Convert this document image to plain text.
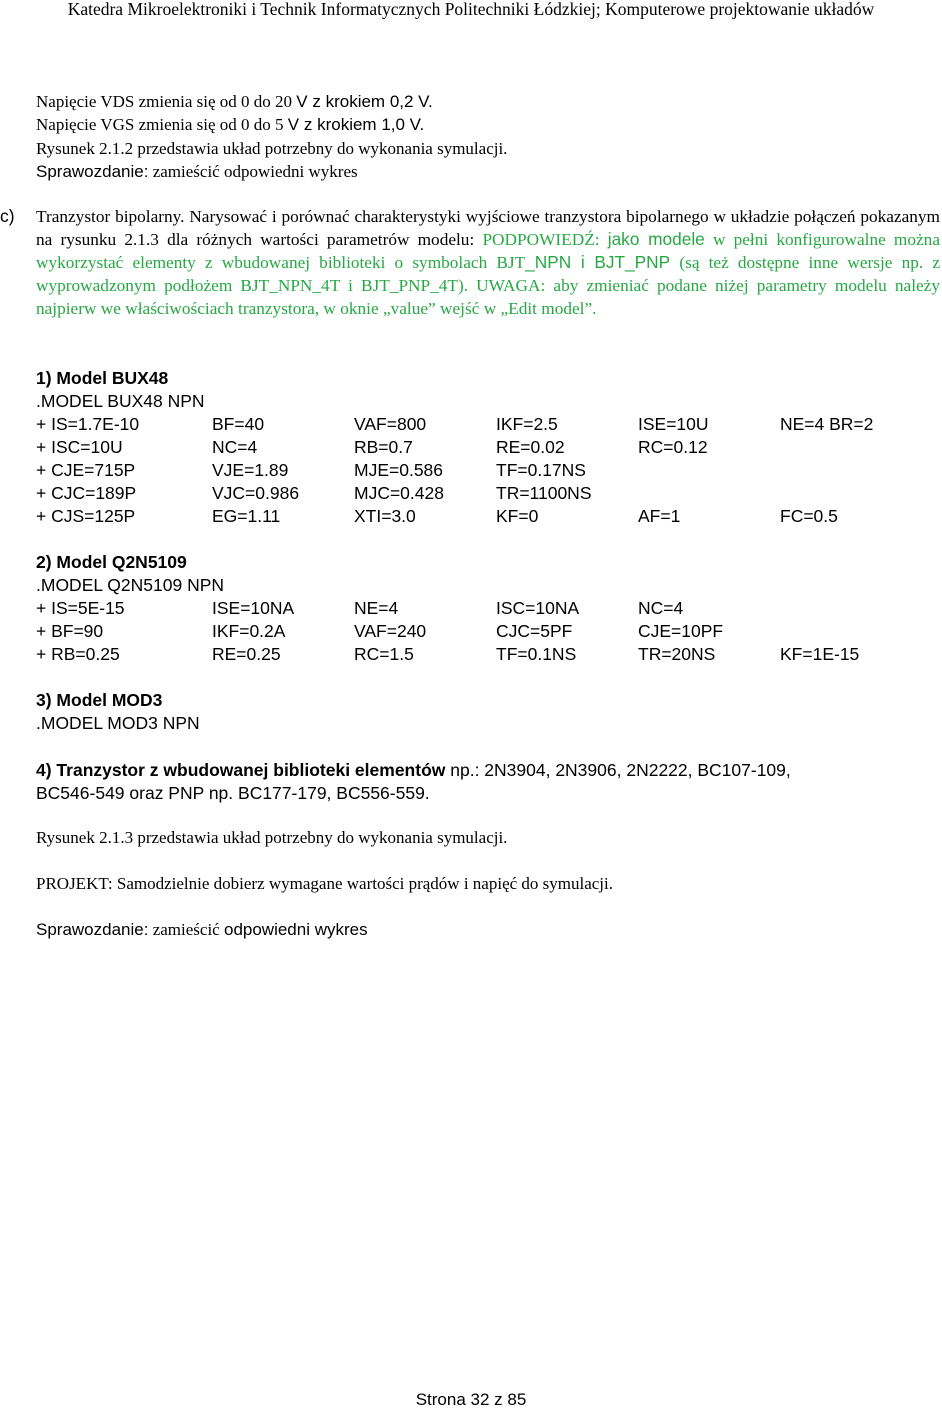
Katedra Mikroelektroniki i Technik Informatycznych Politechniki Łódzkiej; Komputerowe projektowanie układów
Napięcie VDS zmienia się od 0 do 20 V z krokiem 0,2 V.
Napięcie VGS zmienia się od 0 do 5 V z krokiem 1,0 V.
Rysunek 2.1.2 przedstawia układ potrzebny do wykonania symulacji.
Sprawozdanie: zamieścić odpowiedni wykres
c) Tranzystor bipolarny. Narysować i porównać charakterystyki wyjściowe tranzystora bipolarnego w układzie połączeń pokazanym na rysunku 2.1.3 dla różnych wartości parametrów modelu: PODPOWIEDŹ: jako modele w pełni konfigurowalne można wykorzystać elementy z wbudowanej biblioteki o symbolach BJT_NPN i BJT_PNP (są też dostępne inne wersje np. z wyprowadzonym podłożem BJT_NPN_4T i BJT_PNP_4T). UWAGA: aby zmieniać podane niżej parametry modelu należy najpierw we właściwościach tranzystora, w oknie „value” wejść w „Edit model”.
1) Model BUX48
.MODEL BUX48 NPN
+ IS=1.7E-10	BF=40	VAF=800	IKF=2.5	ISE=10U	NE=4 BR=2
+ ISC=10U	NC=4	RB=0.7	RE=0.02	RC=0.12	
+ CJE=715P	VJE=1.89	MJE=0.586	TF=0.17NS		
+ CJC=189P	VJC=0.986	MJC=0.428	TR=1100NS		
+ CJS=125P	EG=1.11	XTI=3.0	KF=0	AF=1	FC=0.5
2) Model Q2N5109
.MODEL Q2N5109 NPN
+ IS=5E-15	ISE=10NA	NE=4	ISC=10NA	NC=4	
+ BF=90	IKF=0.2A	VAF=240	CJC=5PF	CJE=10PF	
+ RB=0.25	RE=0.25	RC=1.5	TF=0.1NS	TR=20NS	KF=1E-15
3) Model MOD3
.MODEL MOD3 NPN
4) Tranzystor z wbudowanej biblioteki elementów np.: 2N3904, 2N3906, 2N2222, BC107-109,
BC546-549 oraz PNP np. BC177-179, BC556-559.
Rysunek 2.1.3 przedstawia układ potrzebny do wykonania symulacji.
PROJEKT: Samodzielnie dobierz wymagane wartości prądów i napięć do symulacji.
Sprawozdanie: zamieścić odpowiedni wykres
Strona 32 z 85
